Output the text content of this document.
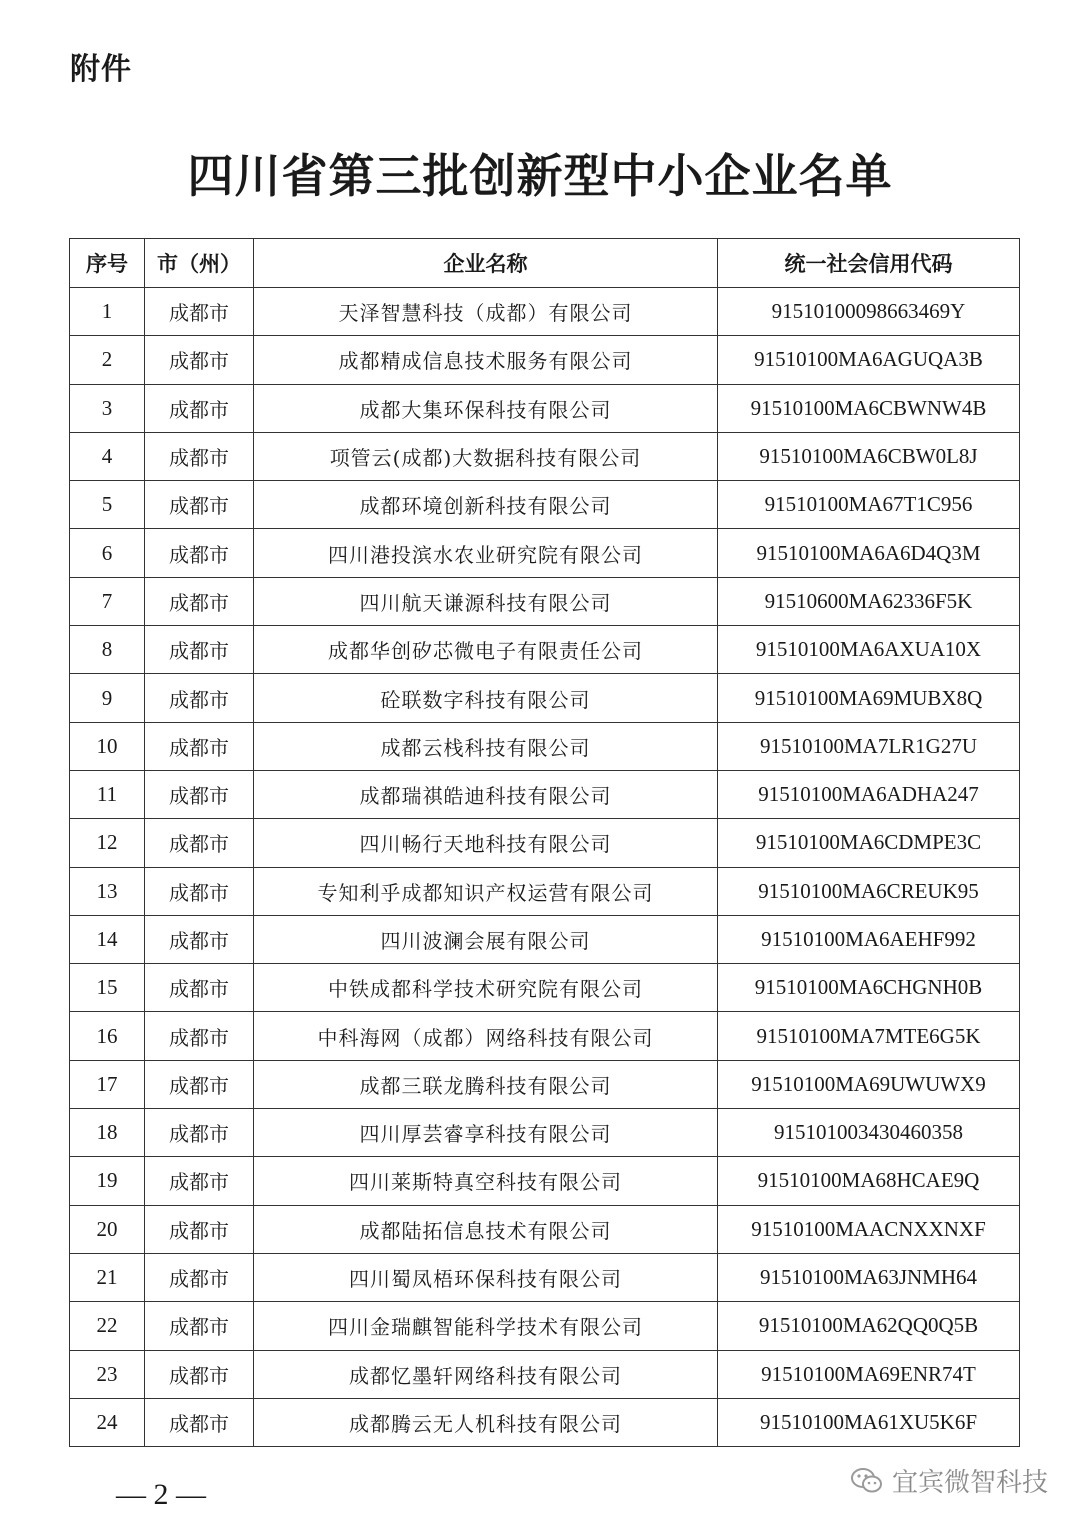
附件
四川省第三批创新型中小企业名单
序号	市（州）	企业名称	统一社会信用代码
1	成都市	天泽智慧科技（成都）有限公司	91510100098663469Y
2	成都市	成都精成信息技术服务有限公司	91510100MA6AGUQA3B
3	成都市	成都大集环保科技有限公司	91510100MA6CBWNW4B
4	成都市	项管云(成都)大数据科技有限公司	91510100MA6CBW0L8J
5	成都市	成都环境创新科技有限公司	91510100MA67T1C956
6	成都市	四川港投滨水农业研究院有限公司	91510100MA6A6D4Q3M
7	成都市	四川航天谦源科技有限公司	91510600MA62336F5K
8	成都市	成都华创矽芯微电子有限责任公司	91510100MA6AXUA10X
9	成都市	砼联数字科技有限公司	91510100MA69MUBX8Q
10	成都市	成都云栈科技有限公司	91510100MA7LR1G27U
11	成都市	成都瑞祺皓迪科技有限公司	91510100MA6ADHA247
12	成都市	四川畅行天地科技有限公司	91510100MA6CDMPE3C
13	成都市	专知利乎成都知识产权运营有限公司	91510100MA6CREUK95
14	成都市	四川波澜会展有限公司	91510100MA6AEHF992
15	成都市	中铁成都科学技术研究院有限公司	91510100MA6CHGNH0B
16	成都市	中科海网（成都）网络科技有限公司	91510100MA7MTE6G5K
17	成都市	成都三联龙腾科技有限公司	91510100MA69UWUWX9
18	成都市	四川厚芸睿享科技有限公司	915101003430460358
19	成都市	四川莱斯特真空科技有限公司	91510100MA68HCAE9Q
20	成都市	成都陆拓信息技术有限公司	91510100MAACNXXNXF
21	成都市	四川蜀凤梧环保科技有限公司	91510100MA63JNMH64
22	成都市	四川金瑞麒智能科学技术有限公司	91510100MA62QQ0Q5B
23	成都市	成都忆墨轩网络科技有限公司	91510100MA69ENR74T
24	成都市	成都腾云无人机科技有限公司	91510100MA61XU5K6F
— 2 —	宜宾微智科技
